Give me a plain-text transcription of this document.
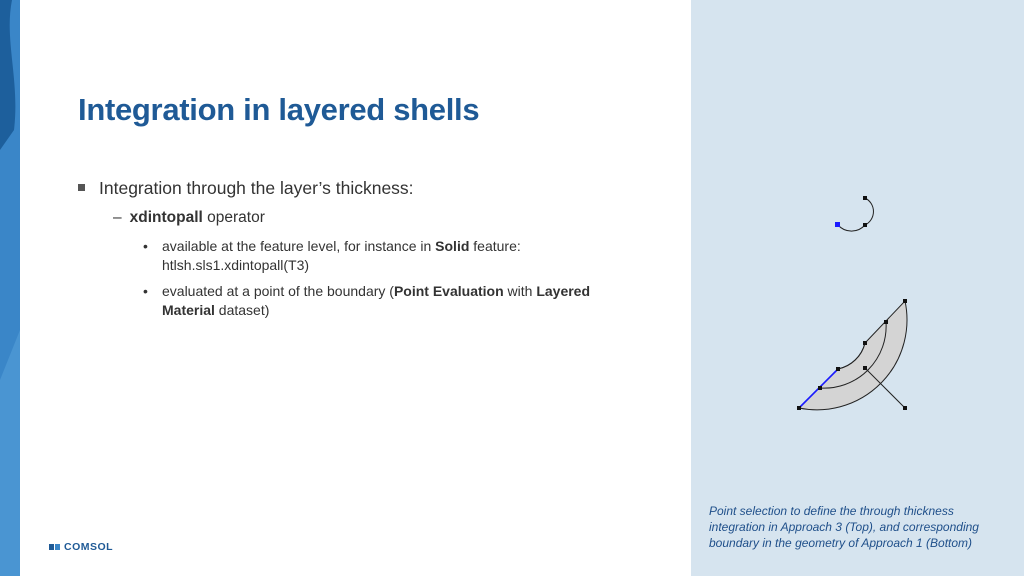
Integration in layered shells
Integration through the layer’s thickness:
– xdintopall operator
• available at the feature level, for instance in Solid feature:
htlsh.sls1.xdintopall(T3)
• evaluated at a point of the boundary (Point Evaluation with Layered
Material dataset)
Point selection to define the through thickness
integration in Approach 3 (Top), and corresponding
boundary in the geometry of Approach 1 (Bottom)
COMSOL
